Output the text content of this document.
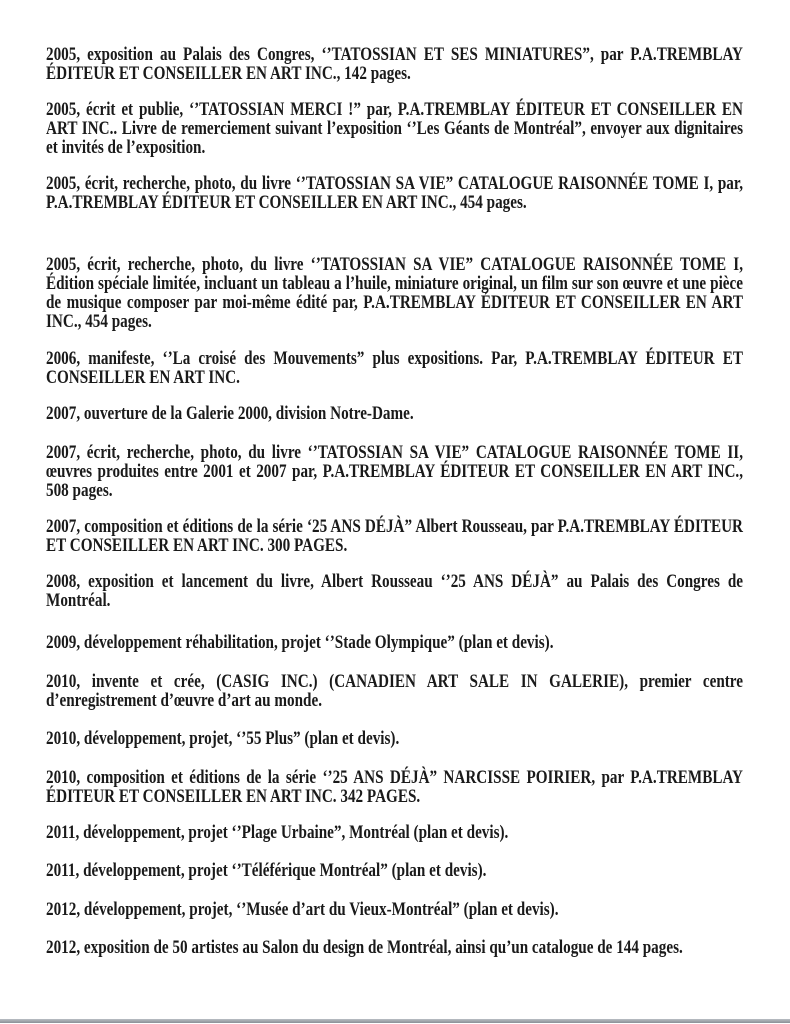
2005, exposition au Palais des Congres, ‘’TATOSSIAN ET SES MINIATURES”, par P.A.TREMBLAY ÉDITEUR ET CONSEILLER EN ART INC., 142 pages.

2005, écrit et publie, ‘’TATOSSIAN MERCI !” par, P.A.TREMBLAY ÉDITEUR ET CONSEILLER EN ART INC.. Livre de remerciement suivant l’exposition ‘’Les Géants de Montréal”, envoyer aux dignitaires et invités de l’exposition.

2005, écrit, recherche, photo, du livre ‘’TATOSSIAN SA VIE” CATALOGUE RAISONNÉE TOME I, par, P.A.TREMBLAY ÉDITEUR ET CONSEILLER EN ART INC., 454 pages.

2005, écrit, recherche, photo, du livre ‘’TATOSSIAN SA VIE” CATALOGUE RAISONNÉE TOME I, Édition spéciale limitée, incluant un tableau a l’huile, miniature original, un film sur son œuvre et une pièce de musique composer par moi-même édité par, P.A.TREMBLAY ÉDITEUR ET CONSEILLER EN ART INC., 454 pages.

2006, manifeste, ‘’La croisé des Mouvements” plus expositions. Par, P.A.TREMBLAY ÉDITEUR ET CONSEILLER EN ART INC.

2007, ouverture de la Galerie 2000, division Notre-Dame.

2007, écrit, recherche, photo, du livre ‘’TATOSSIAN SA VIE” CATALOGUE RAISONNÉE TOME II, œuvres produites entre 2001 et 2007 par, P.A.TREMBLAY ÉDITEUR ET CONSEILLER EN ART INC., 508 pages.

2007, composition et éditions de la série ‘25 ANS DÉJÀ” Albert Rousseau, par P.A.TREMBLAY ÉDITEUR ET CONSEILLER EN ART INC. 300 PAGES.

2008, exposition et lancement du livre, Albert Rousseau ‘’25 ANS DÉJÀ” au Palais des Congres de Montréal.

2009, développement réhabilitation, projet ‘’Stade Olympique” (plan et devis).

2010, invente et crée, (CASIG INC.) (CANADIEN ART SALE IN GALERIE), premier centre d’enregistrement d’œuvre d’art au monde.

2010, développement, projet, ‘’55 Plus” (plan et devis).

2010, composition et éditions de la série ‘’25 ANS DÉJÀ” NARCISSE POIRIER, par P.A.TREMBLAY ÉDITEUR ET CONSEILLER EN ART INC. 342 PAGES.

2011, développement, projet ‘’Plage Urbaine”, Montréal (plan et devis).

2011, développement, projet ‘’Téléférique Montréal” (plan et devis).

2012, développement, projet, ‘’Musée d’art du Vieux-Montréal” (plan et devis).

2012, exposition de 50 artistes au Salon du design de Montréal, ainsi qu’un catalogue de 144 pages.
